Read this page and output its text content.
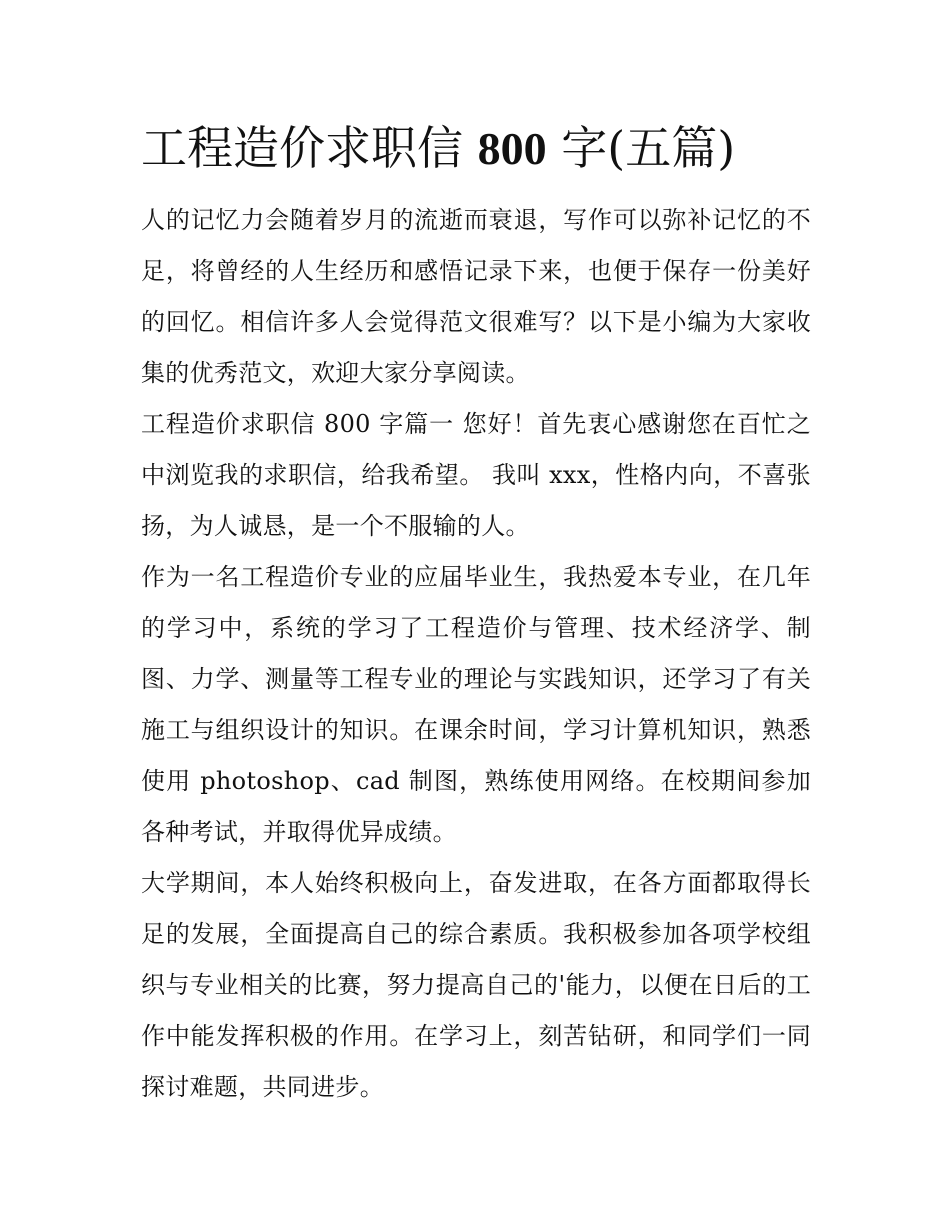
工程造价求职信 800 字(五篇)

人的记忆力会随着岁月的流逝而衰退，写作可以弥补记忆的不足，将曾经的人生经历和感悟记录下来，也便于保存一份美好的回忆。相信许多人会觉得范文很难写？以下是小编为大家收集的优秀范文，欢迎大家分享阅读。

工程造价求职信 800 字篇一 您好！首先衷心感谢您在百忙之中浏览我的求职信，给我希望。 我叫 xxx，性格内向，不喜张扬，为人诚恳，是一个不服输的人。

作为一名工程造价专业的应届毕业生，我热爱本专业，在几年的学习中，系统的学习了工程造价与管理、技术经济学、制图、力学、测量等工程专业的理论与实践知识，还学习了有关施工与组织设计的知识。在课余时间，学习计算机知识，熟悉使用 photoshop、cad 制图，熟练使用网络。在校期间参加各种考试，并取得优异成绩。

大学期间，本人始终积极向上，奋发进取，在各方面都取得长足的发展，全面提高自己的综合素质。我积极参加各项学校组织与专业相关的比赛，努力提高自己的'能力，以便在日后的工作中能发挥积极的作用。在学习上，刻苦钻研，和同学们一同探讨难题，共同进步。
